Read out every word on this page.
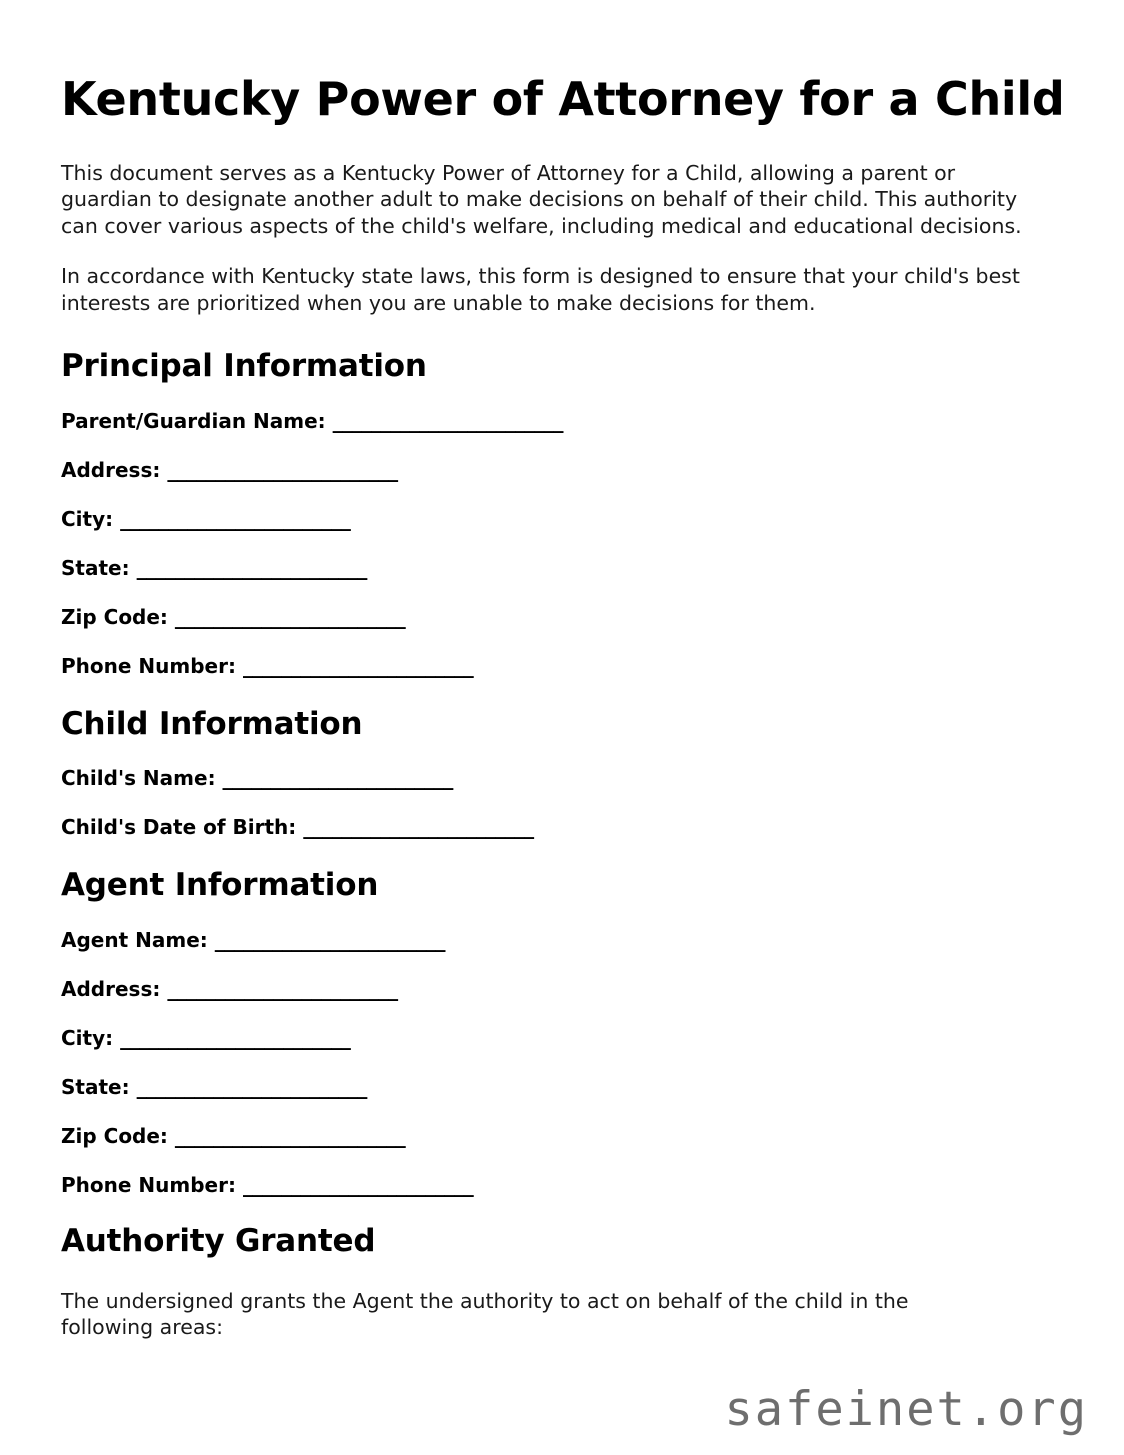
Kentucky Power of Attorney for a Child

This document serves as a Kentucky Power of Attorney for a Child, allowing a parent or guardian to designate another adult to make decisions on behalf of their child. This authority can cover various aspects of the child's welfare, including medical and educational decisions.

In accordance with Kentucky state laws, this form is designed to ensure that your child's best interests are prioritized when you are unable to make decisions for them.

Principal Information
Parent/Guardian Name: ________________________
Address: ________________________
City: ________________________
State: ________________________
Zip Code: ________________________
Phone Number: ________________________
Child Information
Child's Name: ________________________
Child's Date of Birth: ________________________
Agent Information
Agent Name: ________________________
Address: ________________________
City: ________________________
State: ________________________
Zip Code: ________________________
Phone Number: ________________________
Authority Granted

The undersigned grants the Agent the authority to act on behalf of the child in the following areas:

safeinet.org
